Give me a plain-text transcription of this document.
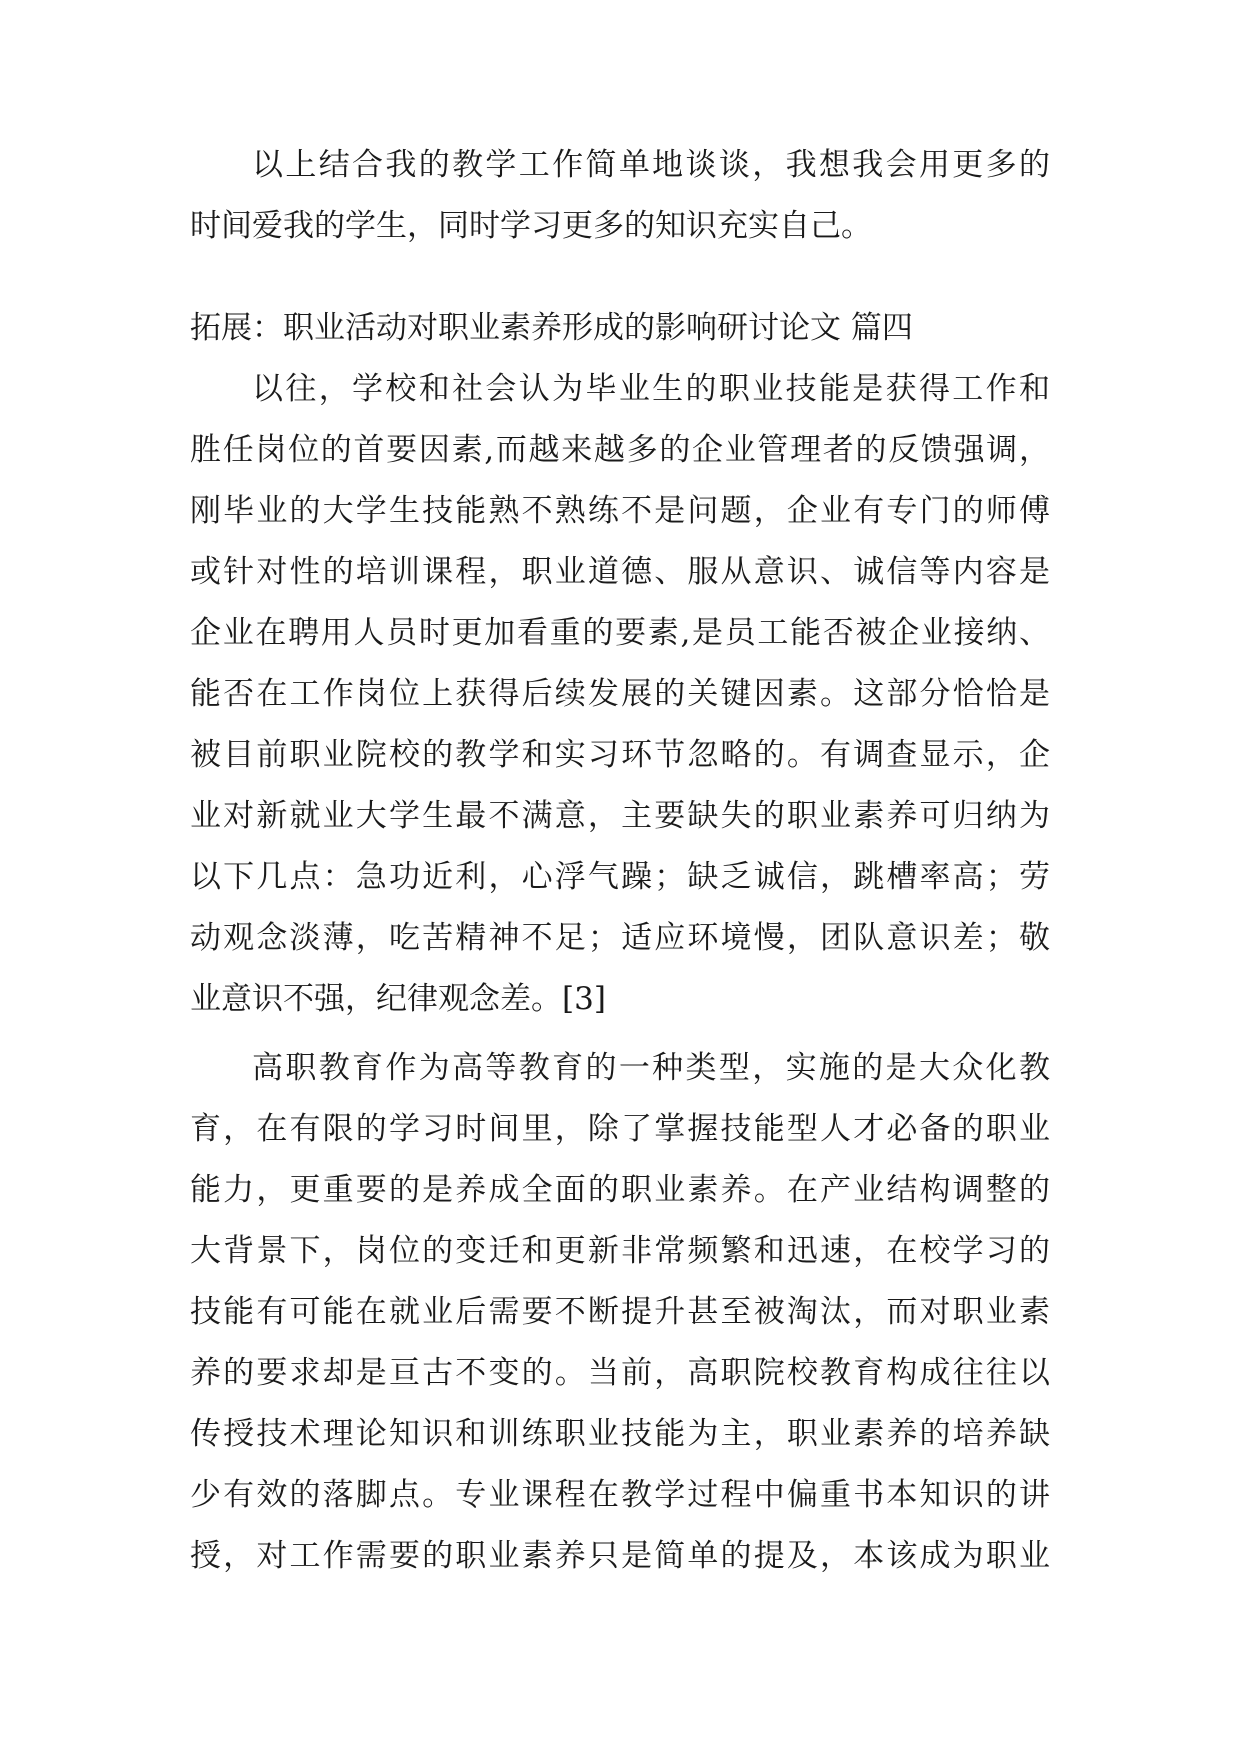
以上结合我的教学工作简单地谈谈，我想我会用更多的
时间爱我的学生，同时学习更多的知识充实自己。
拓展：职业活动对职业素养形成的影响研讨论文 篇四
以往，学校和社会认为毕业生的职业技能是获得工作和
胜任岗位的首要因素,而越来越多的企业管理者的反馈强调，
刚毕业的大学生技能熟不熟练不是问题，企业有专门的师傅
或针对性的培训课程，职业道德、服从意识、诚信等内容是
企业在聘用人员时更加看重的要素,是员工能否被企业接纳、
能否在工作岗位上获得后续发展的关键因素。这部分恰恰是
被目前职业院校的教学和实习环节忽略的。有调查显示，企
业对新就业大学生最不满意，主要缺失的职业素养可归纳为
以下几点：急功近利，心浮气躁；缺乏诚信，跳槽率高；劳
动观念淡薄，吃苦精神不足；适应环境慢，团队意识差；敬
业意识不强，纪律观念差。[3]
高职教育作为高等教育的一种类型，实施的是大众化教
育，在有限的学习时间里，除了掌握技能型人才必备的职业
能力，更重要的是养成全面的职业素养。在产业结构调整的
大背景下，岗位的变迁和更新非常频繁和迅速，在校学习的
技能有可能在就业后需要不断提升甚至被淘汰，而对职业素
养的要求却是亘古不变的。当前，高职院校教育构成往往以
传授技术理论知识和训练职业技能为主，职业素养的培养缺
少有效的落脚点。专业课程在教学过程中偏重书本知识的讲
授，对工作需要的职业素养只是简单的提及，本该成为职业
